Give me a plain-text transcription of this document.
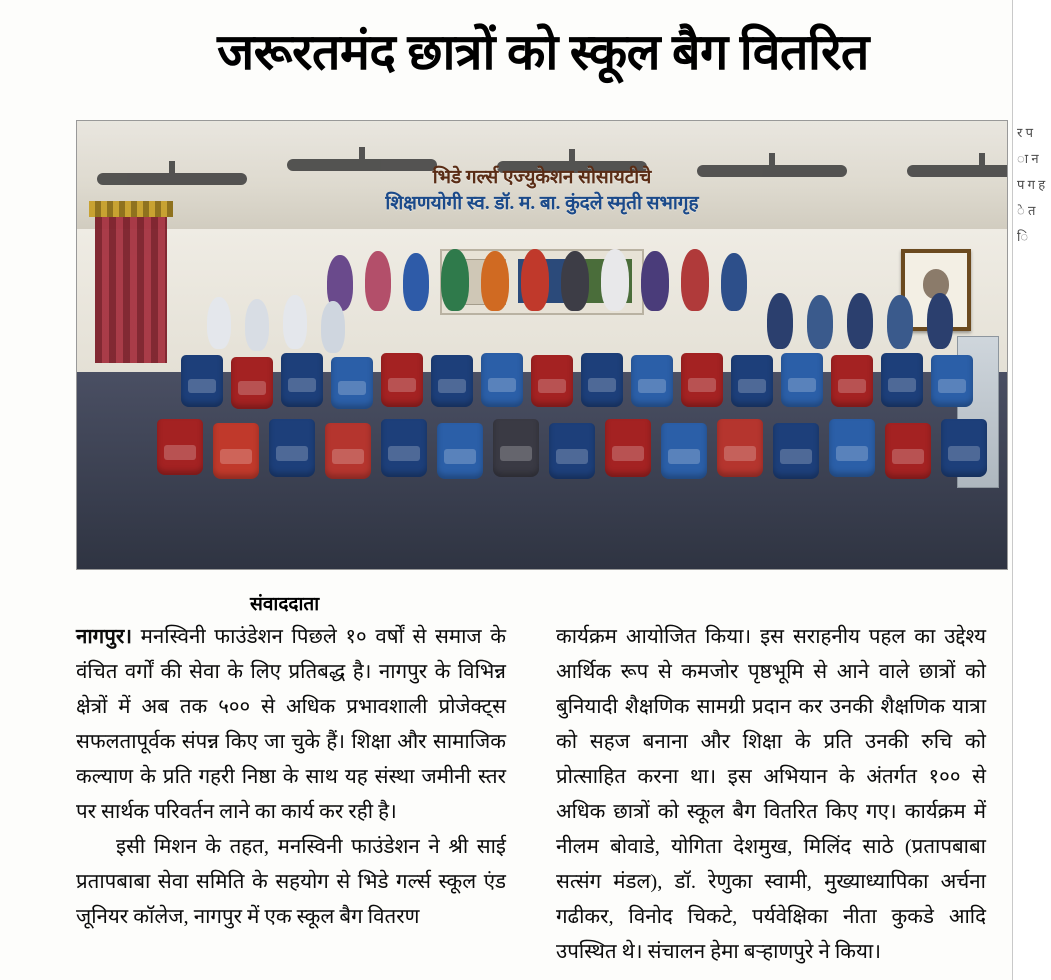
र प ा न प ग ह े त ि
जरूरतमंद छात्रों को स्कूल बैग वितरित
भिडे गर्ल्स एज्युकेशन सोसायटीचे
शिक्षणयोगी स्व. डॉ. म. बा. कुंदले स्मृती सभागृह
संवाददाता

नागपुर। मनस्विनी फाउंडेशन पिछले १० वर्षों से समाज के वंचित वर्गों की सेवा के लिए प्रतिबद्ध है। नागपुर के विभिन्न क्षेत्रों में अब तक ५०० से अधिक प्रभावशाली प्रोजेक्ट्स सफलतापूर्वक संपन्न किए जा चुके हैं। शिक्षा और सामाजिक कल्याण के प्रति गहरी निष्ठा के साथ यह संस्था जमीनी स्तर पर सार्थक परिवर्तन लाने का कार्य कर रही है।

इसी मिशन के तहत, मनस्विनी फाउंडेशन ने श्री साई प्रतापबाबा सेवा समिति के सहयोग से भिडे गर्ल्स स्कूल एंड जूनियर कॉलेज, नागपुर में एक स्कूल बैग वितरण

कार्यक्रम आयोजित किया। इस सराहनीय पहल का उद्देश्य आर्थिक रूप से कमजोर पृष्ठभूमि से आने वाले छात्रों को बुनियादी शैक्षणिक सामग्री प्रदान कर उनकी शैक्षणिक यात्रा को सहज बनाना और शिक्षा के प्रति उनकी रुचि को प्रोत्साहित करना था। इस अभियान के अंतर्गत १०० से अधिक छात्रों को स्कूल बैग वितरित किए गए। कार्यक्रम में नीलम बोवाडे, योगिता देशमुख, मिलिंद साठे (प्रतापबाबा सत्संग मंडल), डॉ. रेणुका स्वामी, मुख्याध्यापिका अर्चना गढीकर, विनोद चिकटे, पर्यवेक्षिका नीता कुकडे आदि उपस्थित थे। संचालन हेमा बऱ्हाणपुरे ने किया।
